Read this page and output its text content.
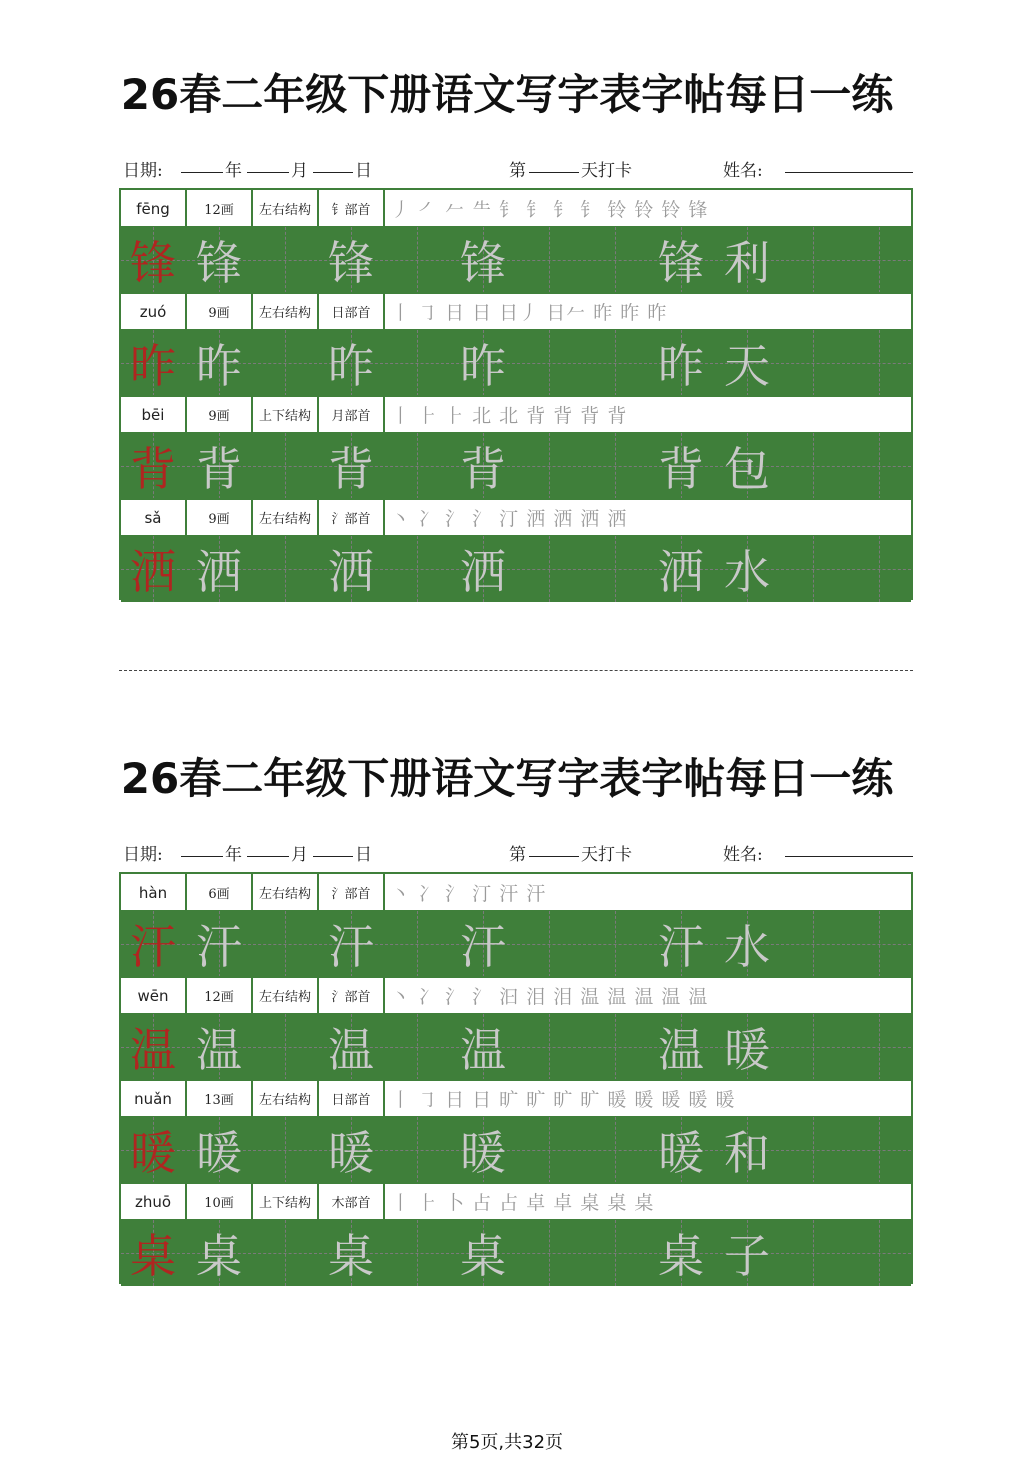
26春二年级下册语文写字表字帖每日一练
日期:	年	月	日	第	天打卡	姓名:
fēng	12画	左右结构	钅部首	丿 ㇒ 𠂉 ⺧ 钅 钅 钅 钅 铃 铃 铃 锋
锋 锋 锋 锋	锋 利
zuó	9画	左右结构	日部首	丨 ㇆ 日 日 日丿 日𠂉 昨 昨 昨
昨 昨 昨 昨	昨 天
bēi	9画	上下结构	月部首	丨 ⺊ ⺊ 北 北 背 背 背 背
背 背 背 背	背 包
sǎ	9画	左右结构	氵部首	丶 冫 氵 氵 汀 洒 洒 洒 洒
洒 洒 洒 洒	洒 水
26春二年级下册语文写字表字帖每日一练
日期:	年	月	日	第	天打卡	姓名:
hàn	6画	左右结构	氵部首	丶 冫 氵 汀 汗 汗
汗 汗 汗 汗	汗 水
wēn	12画	左右结构	氵部首	丶 冫 氵 氵 汩 泪 泪 温 温 温 温 温
温 温 温 温	温 暖
nuǎn	13画	左右结构	日部首	丨 ㇆ 日 日 旷 旷 旷 旷 暖 暖 暖 暖 暖
暖 暖 暖 暖	暖 和
zhuō	10画	上下结构	木部首	丨 ⺊ 卜 占 占 卓 卓 桌 桌 桌
桌 桌 桌 桌	桌 子
第5页,共32页
